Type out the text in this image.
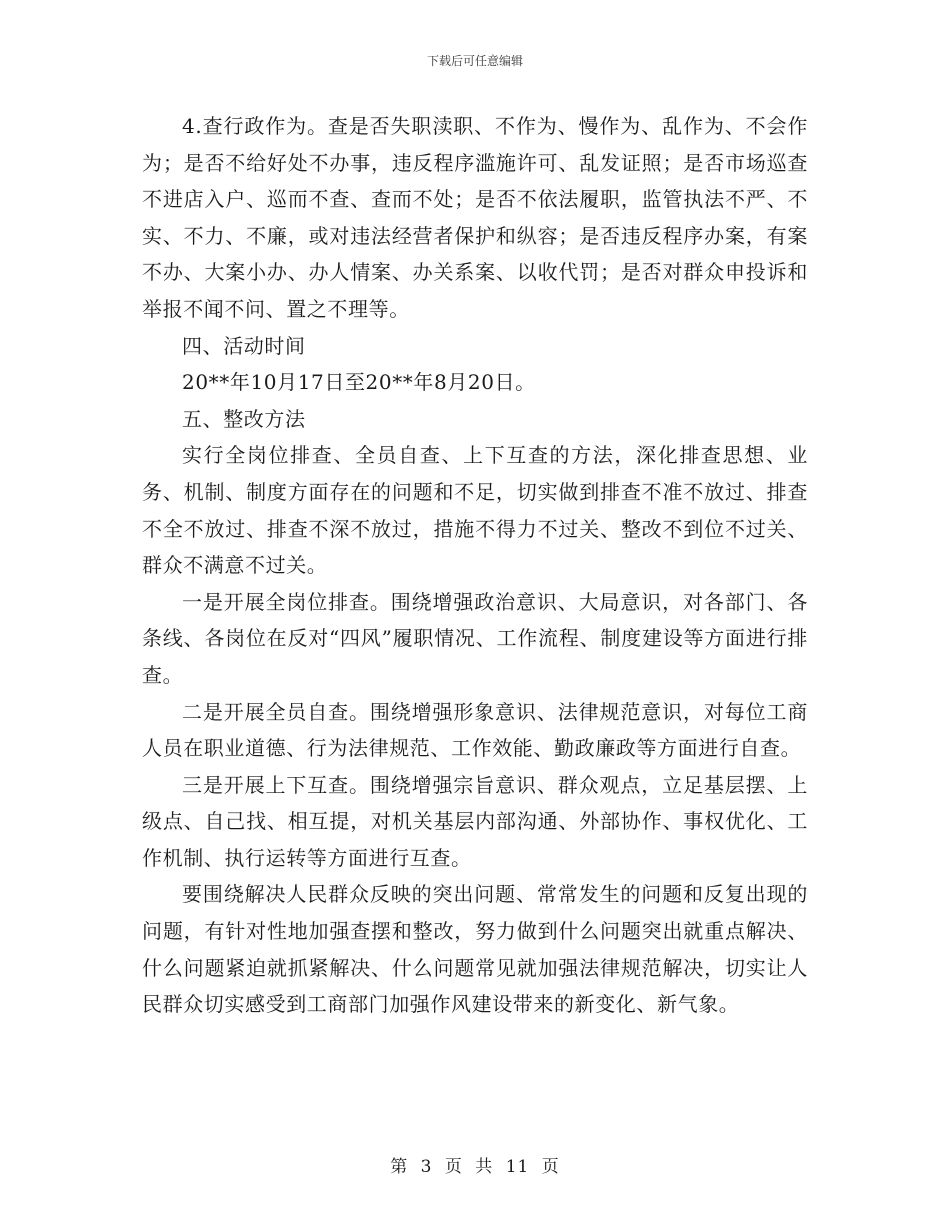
下载后可任意编辑

4.查行政作为。查是否失职渎职、不作为、慢作为、乱作为、不会作为；是否不给好处不办事，违反程序滥施许可、乱发证照；是否市场巡查不进店入户、巡而不查、查而不处；是否不依法履职，监管执法不严、不实、不力、不廉，或对违法经营者保护和纵容；是否违反程序办案，有案不办、大案小办、办人情案、办关系案、以收代罚；是否对群众申投诉和举报不闻不问、置之不理等。

四、活动时间

20**年10月17日至20**年8月20日。

五、整改方法

实行全岗位排查、全员自查、上下互查的方法，深化排查思想、业务、机制、制度方面存在的问题和不足，切实做到排查不准不放过、排查不全不放过、排查不深不放过，措施不得力不过关、整改不到位不过关、群众不满意不过关。

一是开展全岗位排查。围绕增强政治意识、大局意识，对各部门、各条线、各岗位在反对“四风”履职情况、工作流程、制度建设等方面进行排查。

二是开展全员自查。围绕增强形象意识、法律规范意识，对每位工商人员在职业道德、行为法律规范、工作效能、勤政廉政等方面进行自查。

三是开展上下互查。围绕增强宗旨意识、群众观点，立足基层摆、上级点、自己找、相互提，对机关基层内部沟通、外部协作、事权优化、工作机制、执行运转等方面进行互查。

要围绕解决人民群众反映的突出问题、常常发生的问题和反复出现的问题，有针对性地加强查摆和整改，努力做到什么问题突出就重点解决、什么问题紧迫就抓紧解决、什么问题常见就加强法律规范解决，切实让人民群众切实感受到工商部门加强作风建设带来的新变化、新气象。

第 3 页 共 11 页
